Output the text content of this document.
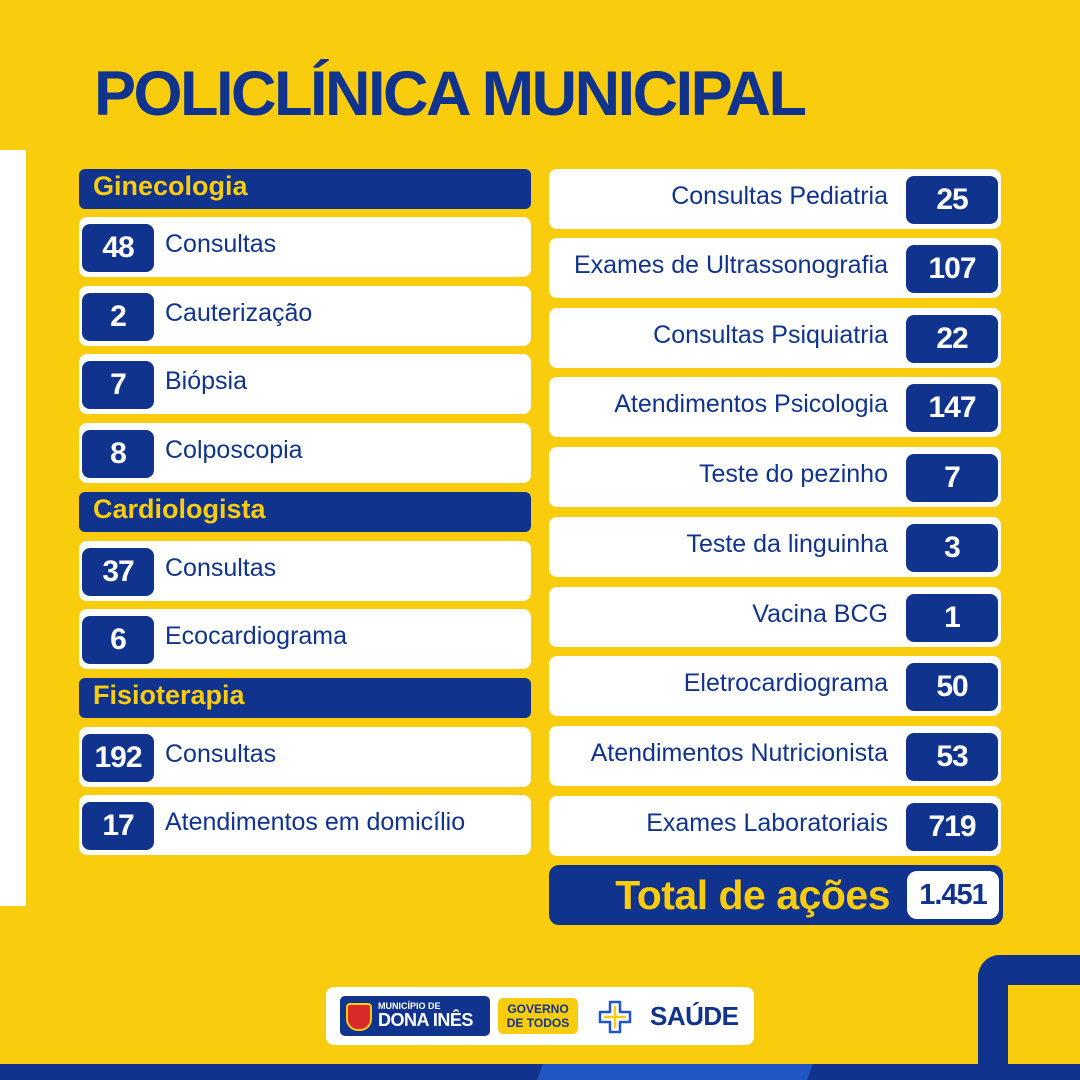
POLICLÍNICA MUNICIPAL
Ginecologia
48	Consultas
2	Cauterização
7	Biópsia
8	Colposcopia
Cardiologista
37	Consultas
6	Ecocardiograma
Fisioterapia
192 Consultas
17	Atendimentos em domicílio
Consultas Pediatria	25
Exames de Ultrassonografia	107
Consultas Psiquiatria	22
Atendimentos Psicologia	147
Teste do pezinho	7
Teste da linguinha	3
Vacina BCG	1
Eletrocardiograma	50
Atendimentos Nutricionista	53
Exames Laboratoriais	719
Total de ações	1.451
MUNICÍPIO DE
DONA INÊS
GOVERNO
DE TODOS	SAÚDE
